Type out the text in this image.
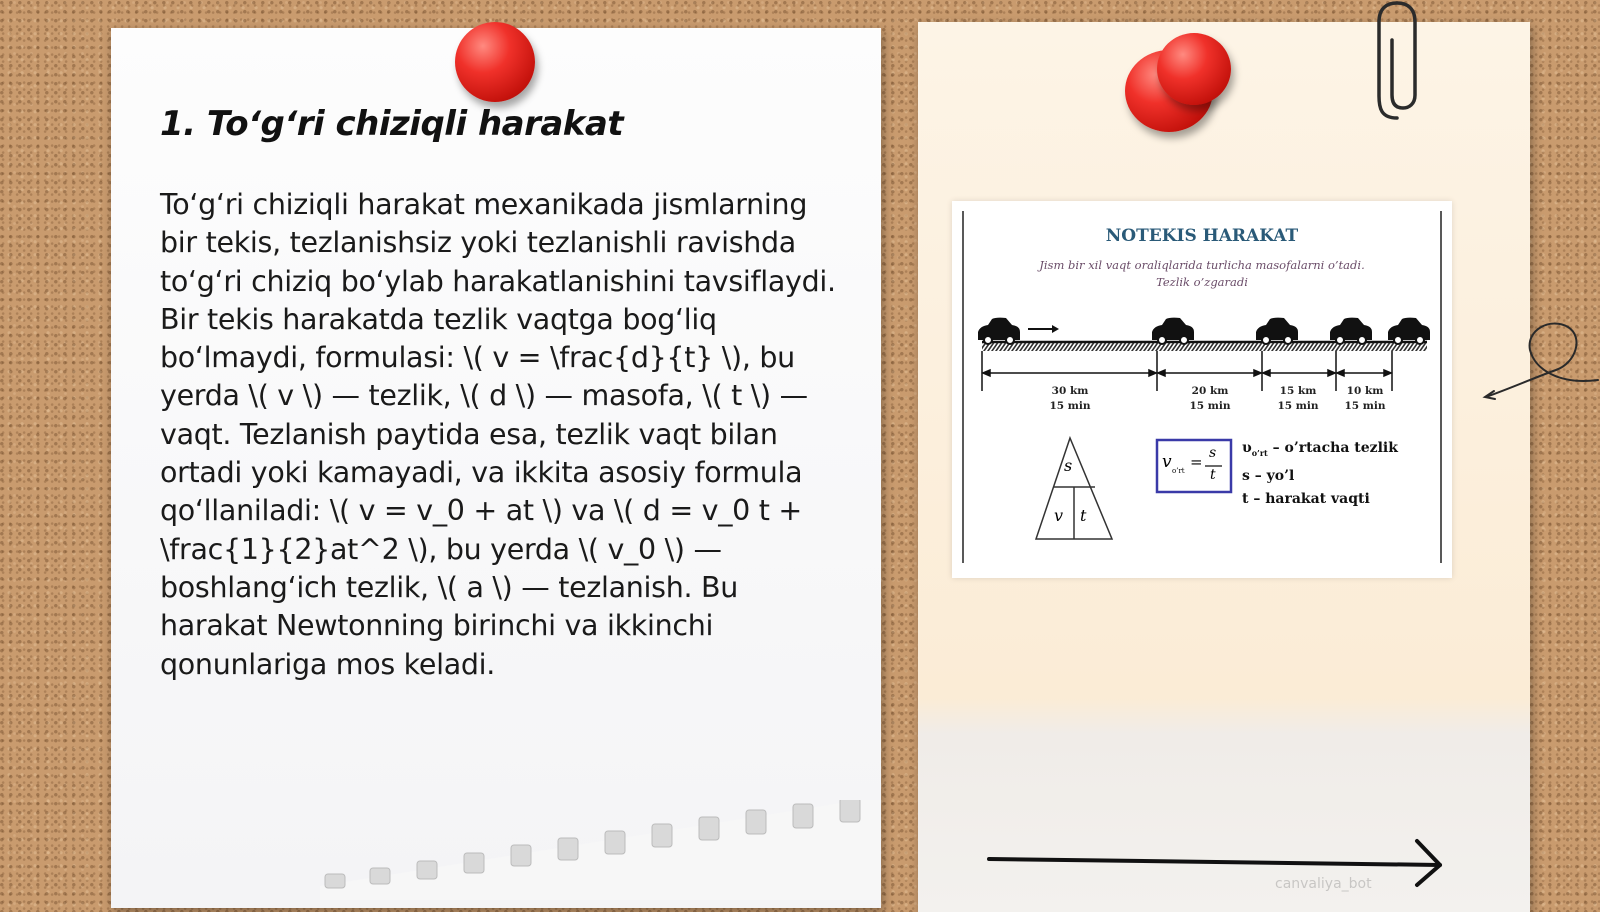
1. To‘g‘ri chiziqli harakat

To‘g‘ri chiziqli harakat mexanikada jismlarning bir tekis, tezlanishsiz yoki tezlanishli ravishda to‘g‘ri chiziq bo‘ylab harakatlanishini tavsiflaydi. Bir tekis harakatda tezlik vaqtga bog‘liq bo‘lmaydi, formulasi: \( v = \frac{d}{t} \), bu yerda \( v \) — tezlik, \( d \) — masofa, \( t \) — vaqt. Tezlanish paytida esa, tezlik vaqt bilan ortadi yoki kamayadi, va ikkita asosiy formula qo‘llaniladi: \( v = v_0 + at \) va \( d = v_0 t + \frac{1}{2}at^2 \), bu yerda \( v_0 \) — boshlang‘ich tezlik, \( a \) — tezlanish. Bu harakat Newtonning birinchi va ikkinchi qonunlariga mos keladi.

NOTEKIS HARAKAT
Jism bir xil vaqt oraliqlarida turlicha masofalarni o’tadi.
Tezlik o’zgaradi
30 km
15 min
20 km
15 min
15 km
15 min
10 km
15 min
s
v t
v o’rt = s
t
$\upsilon_{o’rt}$ – o’rtacha tezlik
s – yo’l
t – harakat vaqti
canvaliya_bot
